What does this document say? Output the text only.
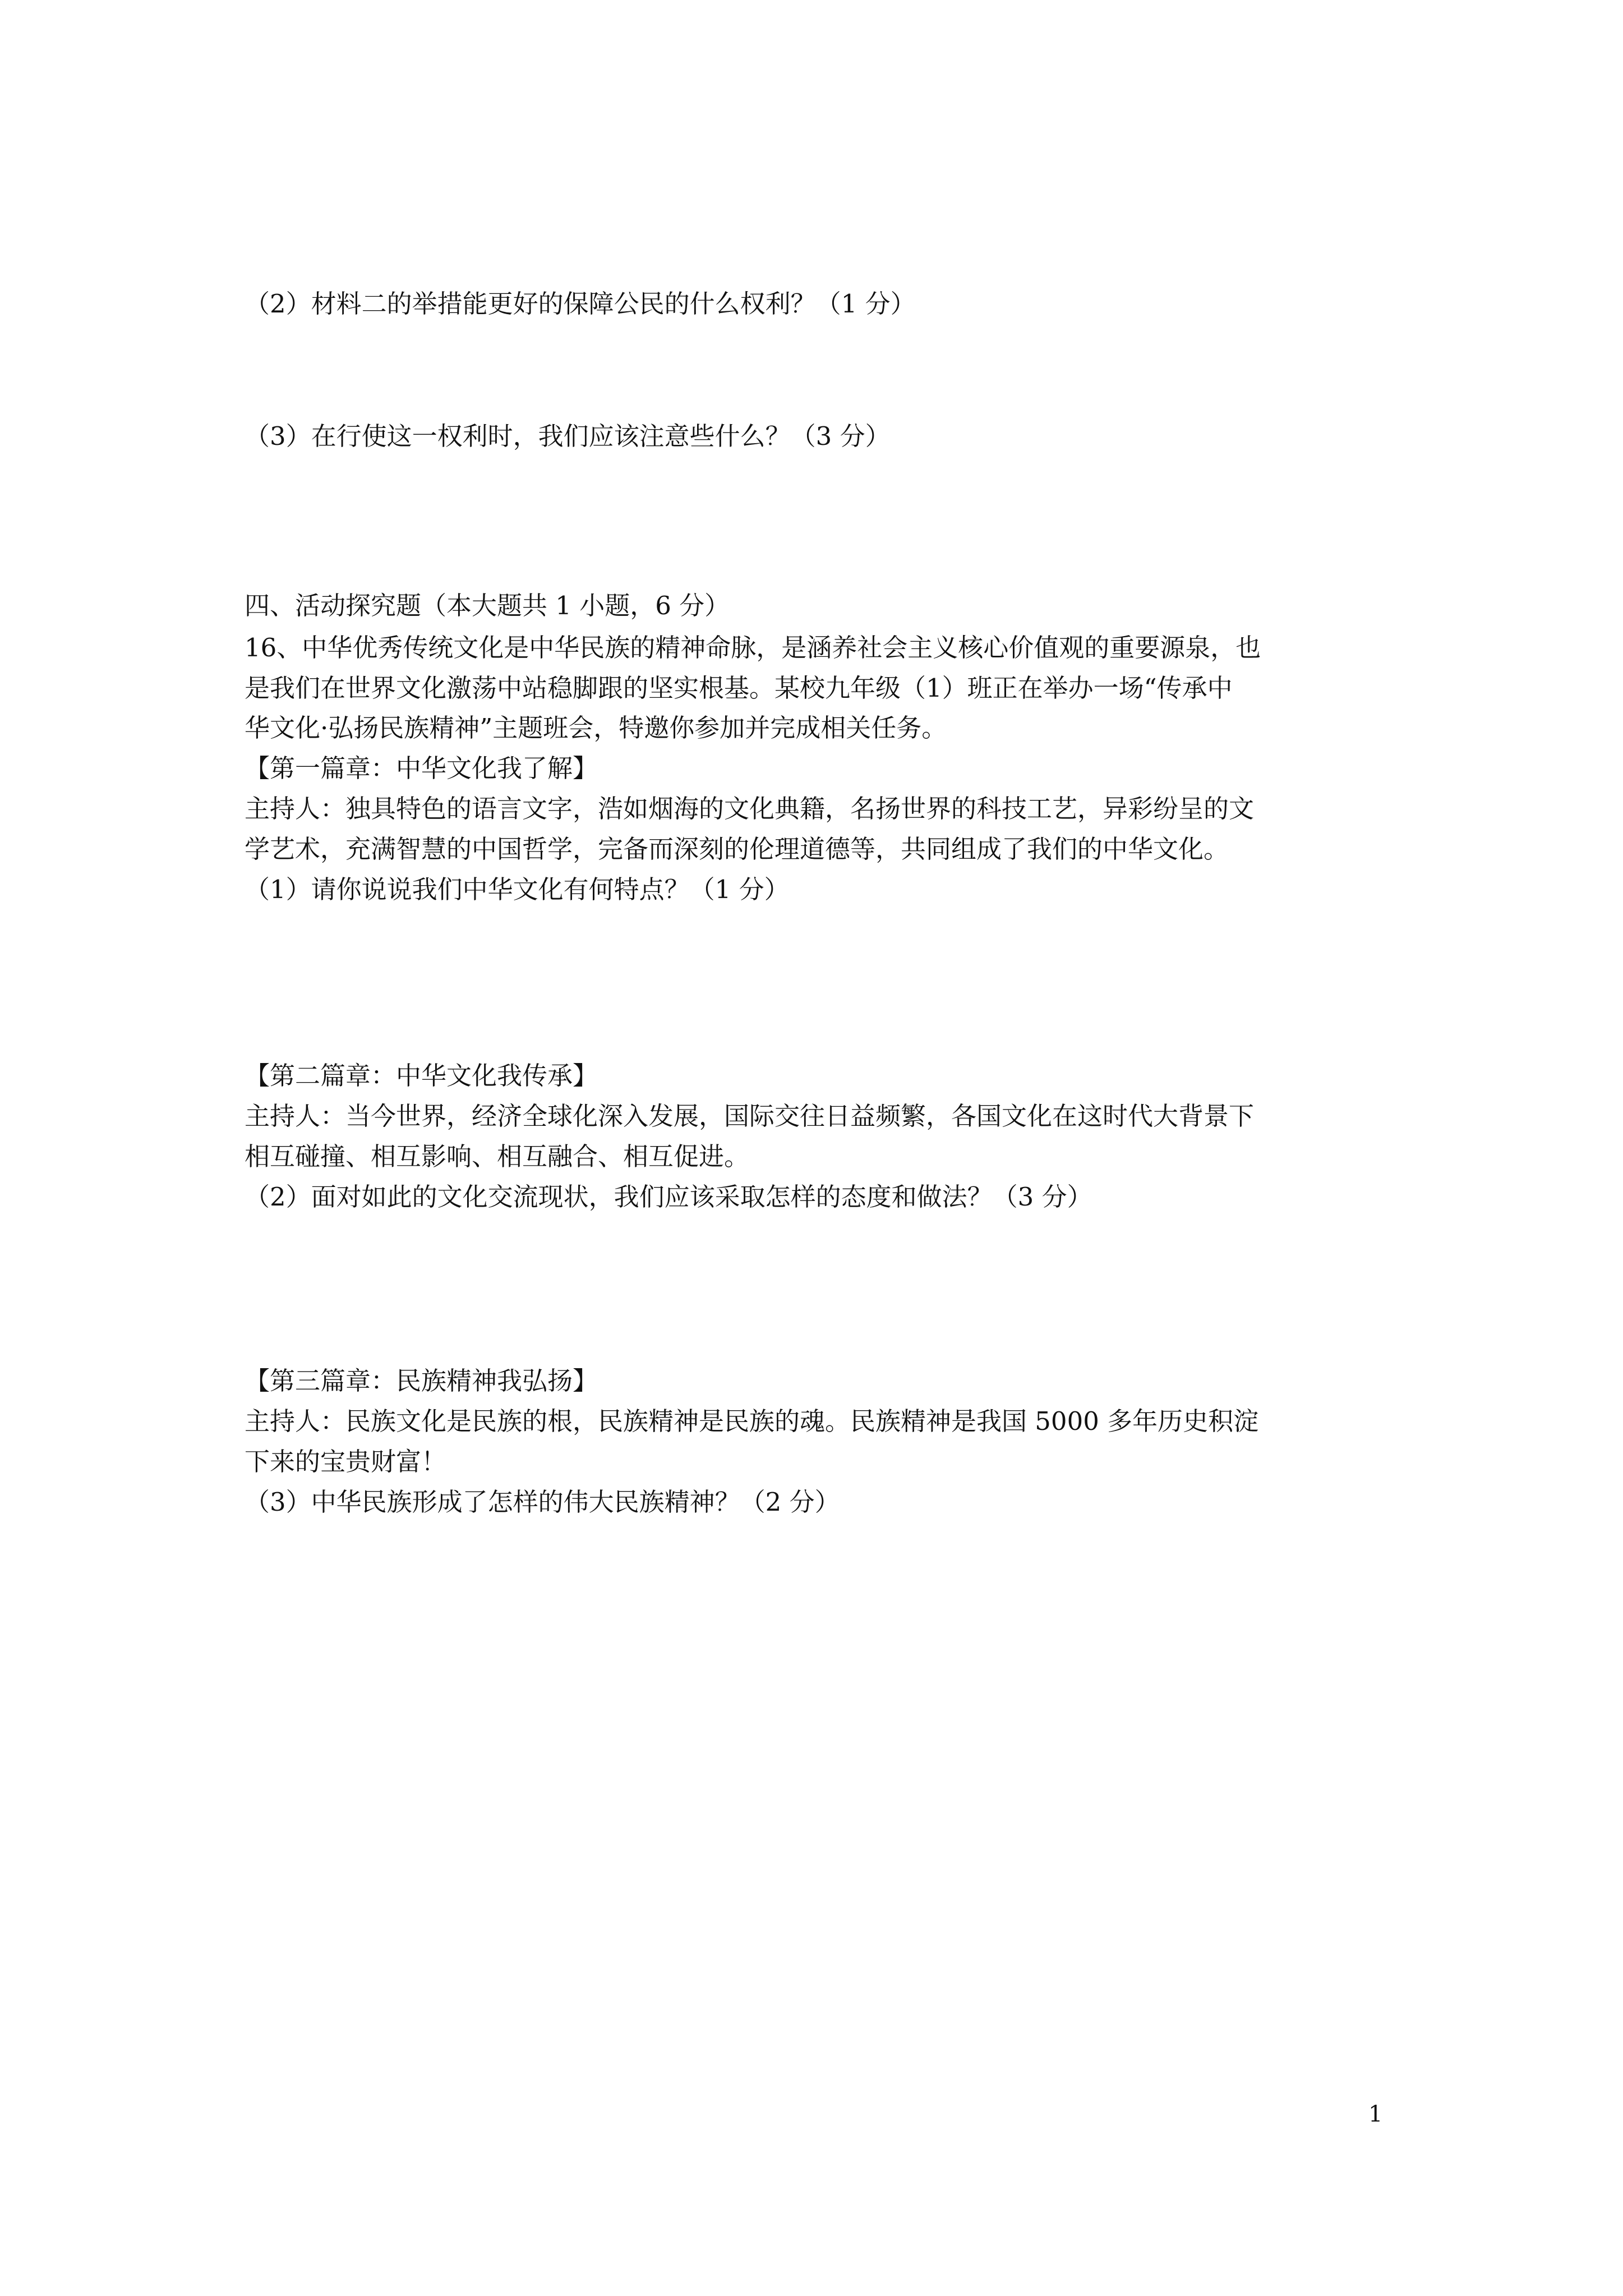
（2）材料二的举措能更好的保障公民的什么权利？（1 分）
（3）在行使这一权利时，我们应该注意些什么？（3 分）
四、活动探究题（本大题共 1 小题，6 分）
16、中华优秀传统文化是中华民族的精神命脉，是涵养社会主义核心价值观的重要源泉，也
是我们在世界文化激荡中站稳脚跟的坚实根基。某校九年级（1）班正在举办一场“传承中
华文化·弘扬民族精神”主题班会，特邀你参加并完成相关任务。
【第一篇章：中华文化我了解】
主持人：独具特色的语言文字，浩如烟海的文化典籍，名扬世界的科技工艺，异彩纷呈的文
学艺术，充满智慧的中国哲学，完备而深刻的伦理道德等，共同组成了我们的中华文化。
（1）请你说说我们中华文化有何特点？（1 分）
【第二篇章：中华文化我传承】
主持人：当今世界，经济全球化深入发展，国际交往日益频繁，各国文化在这时代大背景下
相互碰撞、相互影响、相互融合、相互促进。
（2）面对如此的文化交流现状，我们应该采取怎样的态度和做法？（3 分）
【第三篇章：民族精神我弘扬】
主持人：民族文化是民族的根，民族精神是民族的魂。民族精神是我国 5000 多年历史积淀
下来的宝贵财富！
（3）中华民族形成了怎样的伟大民族精神？（2 分）
1
